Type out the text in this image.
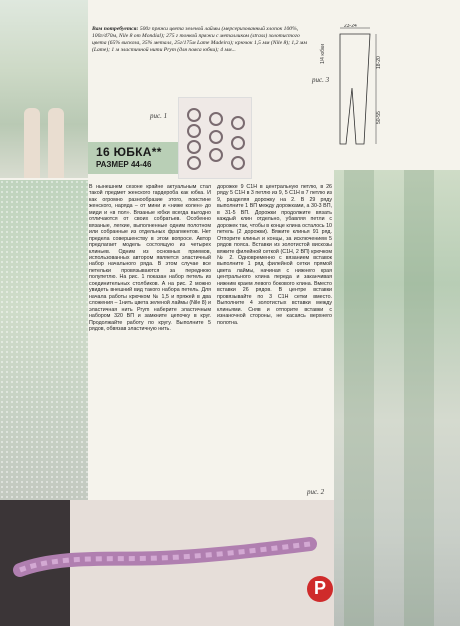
Вам потребуется: 500г пряжи цвета зеленой лаймы (мерсеризованный хлопок 100%, 100г/470м, Nile 8 от Mondial); 275 г тонкой пряжи с металликом (strass) золотистого цвета (65% вискоза, 35% металл, 25г/175м Lame Madeira); крючок 1,5 мм (Nile 8); 1,2 мм (Lame); 1 м эластичной нити Prym (для пояса юбки); 4 мм...
рис. 1
23-24
1/4 юбки	18-20
50-55
рис. 3
16 ЮБКА**
РАЗМЕР 44-46
В нынешнем сезоне крайне актуальным стал такой предмет женского гардероба как юбка. И как огромно разнообразие этого, поистине женского, наряда – от мини и «ниже колен» до миди и «в пол». Вязаные юбки всегда выгодно отличаются от своих собратьев. Особенно вязаные, легкие, выполненные одним полотном или собранные из отдельных фрагментов. Нет предела совершенству в этом вопросе. Автор предлагает модель состоящую из четырех клиньев. Одним из основных приемов, использованных автором является эластичный набор начального ряда. В этом случае все петельки провязываются за переднюю полупетлю. На рис. 1 показан набор петель из соединительных столбиков. А на рис. 2 можно увидеть внешний вид такого набора петель. Для начала работы крючком № 1,5 и пряжей в два сложения – 1нить цвета зеленой лаймы (Nile 8) и эластичная нить Prym наберите эластичным набором 320 ВП и замкните цепочку в круг. Продолжайте работу по кругу. Выполните 5 рядов, обвязав эластичную нить.
дорожке 9 С1Н в центральную петлю, в 26 ряду 5 С1Н в 3 петлю из 9, 5 С1Н в 7 петлю из 9, разделяя дорожку на 2. В 29 ряду выполните 1 ВП между дорожками, а 30-3 ВП, в 31-5 ВП. Дорожки продолжите вязать каждый клин отдельно, убавляя петли с дорожек так, чтобы в конце клина осталось 10 петель (2 дорожки). Вяжите клинья 91 ряд. Отпорите клинья и концы, за исключением 5 рядов пояса. Вставки из золотистой вискозы вяжите филейной сеткой (С1Н, 2 ВП) крючком № 2. Одновременно с вязанием вставок выполните 1 ряд филейной сетки прямой цвета лаймы, начиная с нижнего края центрального клина переда и заканчивая нижним краем левого бокового клина. Вместо вставки 26 рядов. В центре вставки провязывайте по 3 С1Н сетки вместо. Выполните 4 золотистых вставки между клиньями. Сняв и отпорите вставки с изнаночной стороны, не касаясь верхнего полотна.
рис. 2
P
